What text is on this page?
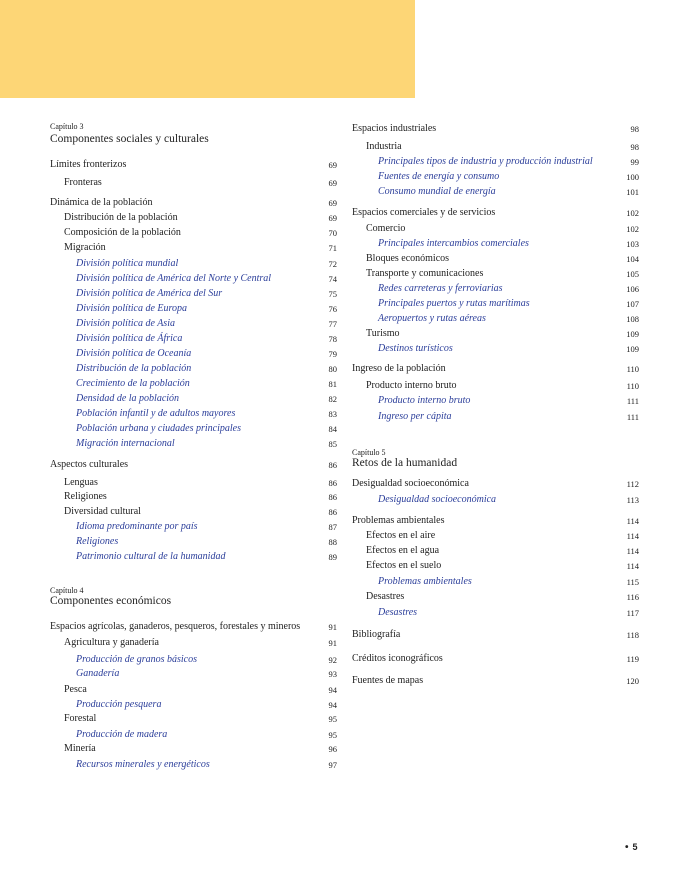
Capítulo 3
Componentes sociales y culturales
Límites fronterizos	69
Fronteras	69
Dinámica de la población	69
Distribución de la población	69
Composición de la población	70
Migración	71
División política mundial	72
División política de América del Norte y Central	74
División política de América del Sur	75
División política de Europa	76
División política de Asia	77
División política de África	78
División política de Oceanía	79
Distribución de la población	80
Crecimiento de la población	81
Densidad de la población	82
Población infantil y de adultos mayores	83
Población urbana y ciudades principales	84
Migración internacional	85
Aspectos culturales	86
Lenguas	86
Religiones	86
Diversidad cultural	86
Idioma predominante por país	87
Religiones	88
Patrimonio cultural de la humanidad	89
Capítulo 4
Componentes económicos
Espacios agrícolas, ganaderos, pesqueros, forestales y mineros	91
Agricultura y ganadería	91
Producción de granos básicos	92
Ganadería	93
Pesca	94
Producción pesquera	94
Forestal	95
Producción de madera	95
Minería	96
Recursos minerales y energéticos	97
Espacios industriales	98
Industria	98
Principales tipos de industria y producción industrial	99
Fuentes de energía y consumo	100
Consumo mundial de energía	101
Espacios comerciales y de servicios	102
Comercio	102
Principales intercambios comerciales	103
Bloques económicos	104
Transporte y comunicaciones	105
Redes carreteras y ferroviarias	106
Principales puertos y rutas marítimas	107
Aeropuertos y rutas aéreas	108
Turismo	109
Destinos turísticos	109
Ingreso de la población	110
Producto interno bruto	110
Producto interno bruto	111
Ingreso per cápita	111
Capítulo 5
Retos de la humanidad
Desigualdad socioeconómica	112
Desigualdad socioeconómica	113
Problemas ambientales	114
Efectos en el aire	114
Efectos en el agua	114
Efectos en el suelo	114
Problemas ambientales	115
Desastres	116
Desastres	117
Bibliografía	118
Créditos iconográficos	119
Fuentes de mapas	120
• 5
